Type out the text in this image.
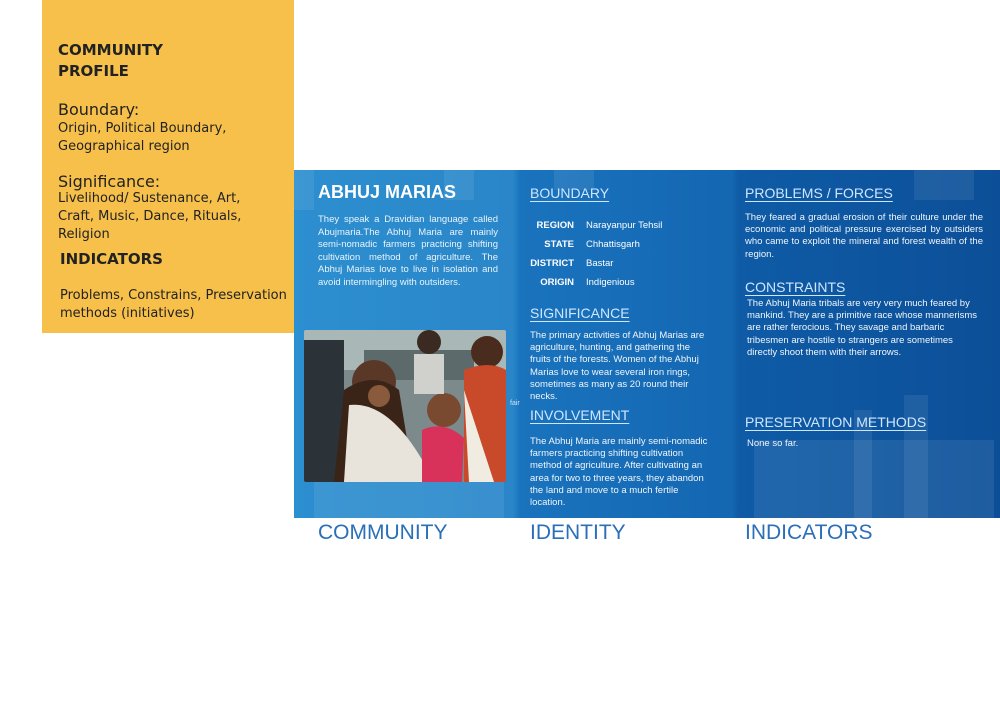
COMMUNITY
PROFILE
Boundary:
Origin, Political Boundary, Geographical region
Significance:
Livelihood/ Sustenance, Art, Craft, Music, Dance, Rituals, Religion
INDICATORS
Problems, Constrains, Preservation
methods (initiatives)
ABHUJ MARIAS
They speak a Dravidian language called Abujmaria.The Abhuj Maria are mainly semi-nomadic farmers practicing shifting cultivation method of agriculture. The Abhuj Marias love to live in isolation and avoid intermingling with outsiders.
fair
BOUNDARY
REGION	Narayanpur Tehsil
STATE	Chhattisgarh
DISTRICT	Bastar
ORIGIN	Indigenious
SIGNIFICANCE
The primary activities of Abhuj Marias are agriculture, hunting, and gathering the fruits of the forests. Women of the Abhuj Marias love to wear several iron rings, sometimes as many as 20 round their necks.
INVOLVEMENT
The Abhuj Maria are mainly semi-nomadic farmers practicing shifting cultivation method of agriculture. After cultivating an area for two to three years, they abandon the land and move to a much fertile location.
PROBLEMS / FORCES
They feared a gradual erosion of their culture under the economic and political pressure exercised by outsiders who came to exploit the mineral and forest wealth of the region.
CONSTRAINTS
The Abhuj Maria tribals are very very much feared by mankind. They are a primitive race whose mannerisms are rather ferocious. They savage and barbaric tribesmen are hostile to strangers are sometimes directly shoot them with their arrows.
PRESERVATION METHODS
None so far.
COMMUNITY	IDENTITY	INDICATORS
